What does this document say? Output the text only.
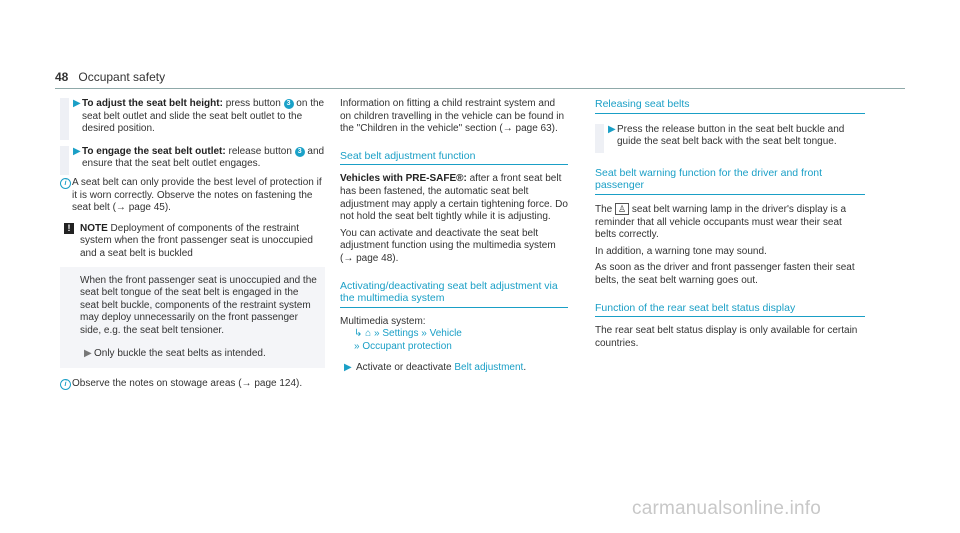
48 Occupant safety
▶ To adjust the seat belt height: press button 3 on the seat belt outlet and slide the seat belt outlet to the desired position.

▶ To engage the seat belt outlet: release button 3 and ensure that the seat belt outlet engages.

i A seat belt can only provide the best level of protection if it is worn correctly. Observe the notes on fastening the seat belt (→ page 45).

! NOTE Deployment of components of the restraint system when the front passenger seat is unoccupied and a seat belt is buckled

When the front passenger seat is unoccupied and the seat belt tongue of the seat belt is engaged in the seat belt buckle, components of the restraint system may deploy unnecessarily on the front passenger side, e.g. the seat belt tensioner.

▶ Only buckle the seat belts as intended.

i Observe the notes on stowage areas (→ page 124).

Information on fitting a child restraint system and on children travelling in the vehicle can be found in the "Children in the vehicle" section (→ page 63).

Seat belt adjustment function

Vehicles with PRE-SAFE®: after a front seat belt has been fastened, the automatic seat belt adjustment may apply a certain tightening force. Do not hold the seat belt tightly while it is adjusting.

You can activate and deactivate the seat belt adjustment function using the multimedia system (→ page 48).

Activating/deactivating seat belt adjustment via the multimedia system

Multimedia system:

↳ ⌂ » Settings » Vehicle
» Occupant protection
▶ Activate or deactivate Belt adjustment.

Releasing seat belts
▶ Press the release button in the seat belt buckle and guide the seat belt back with the seat belt tongue.

Seat belt warning function for the driver and front passenger

The ♙ seat belt warning lamp in the driver's display is a reminder that all vehicle occupants must wear their seat belts correctly.

In addition, a warning tone may sound.

As soon as the driver and front passenger fasten their seat belts, the seat belt warning goes out.

Function of the rear seat belt status display

The rear seat belt status display is only available for certain countries.

carmanualsonline.info
